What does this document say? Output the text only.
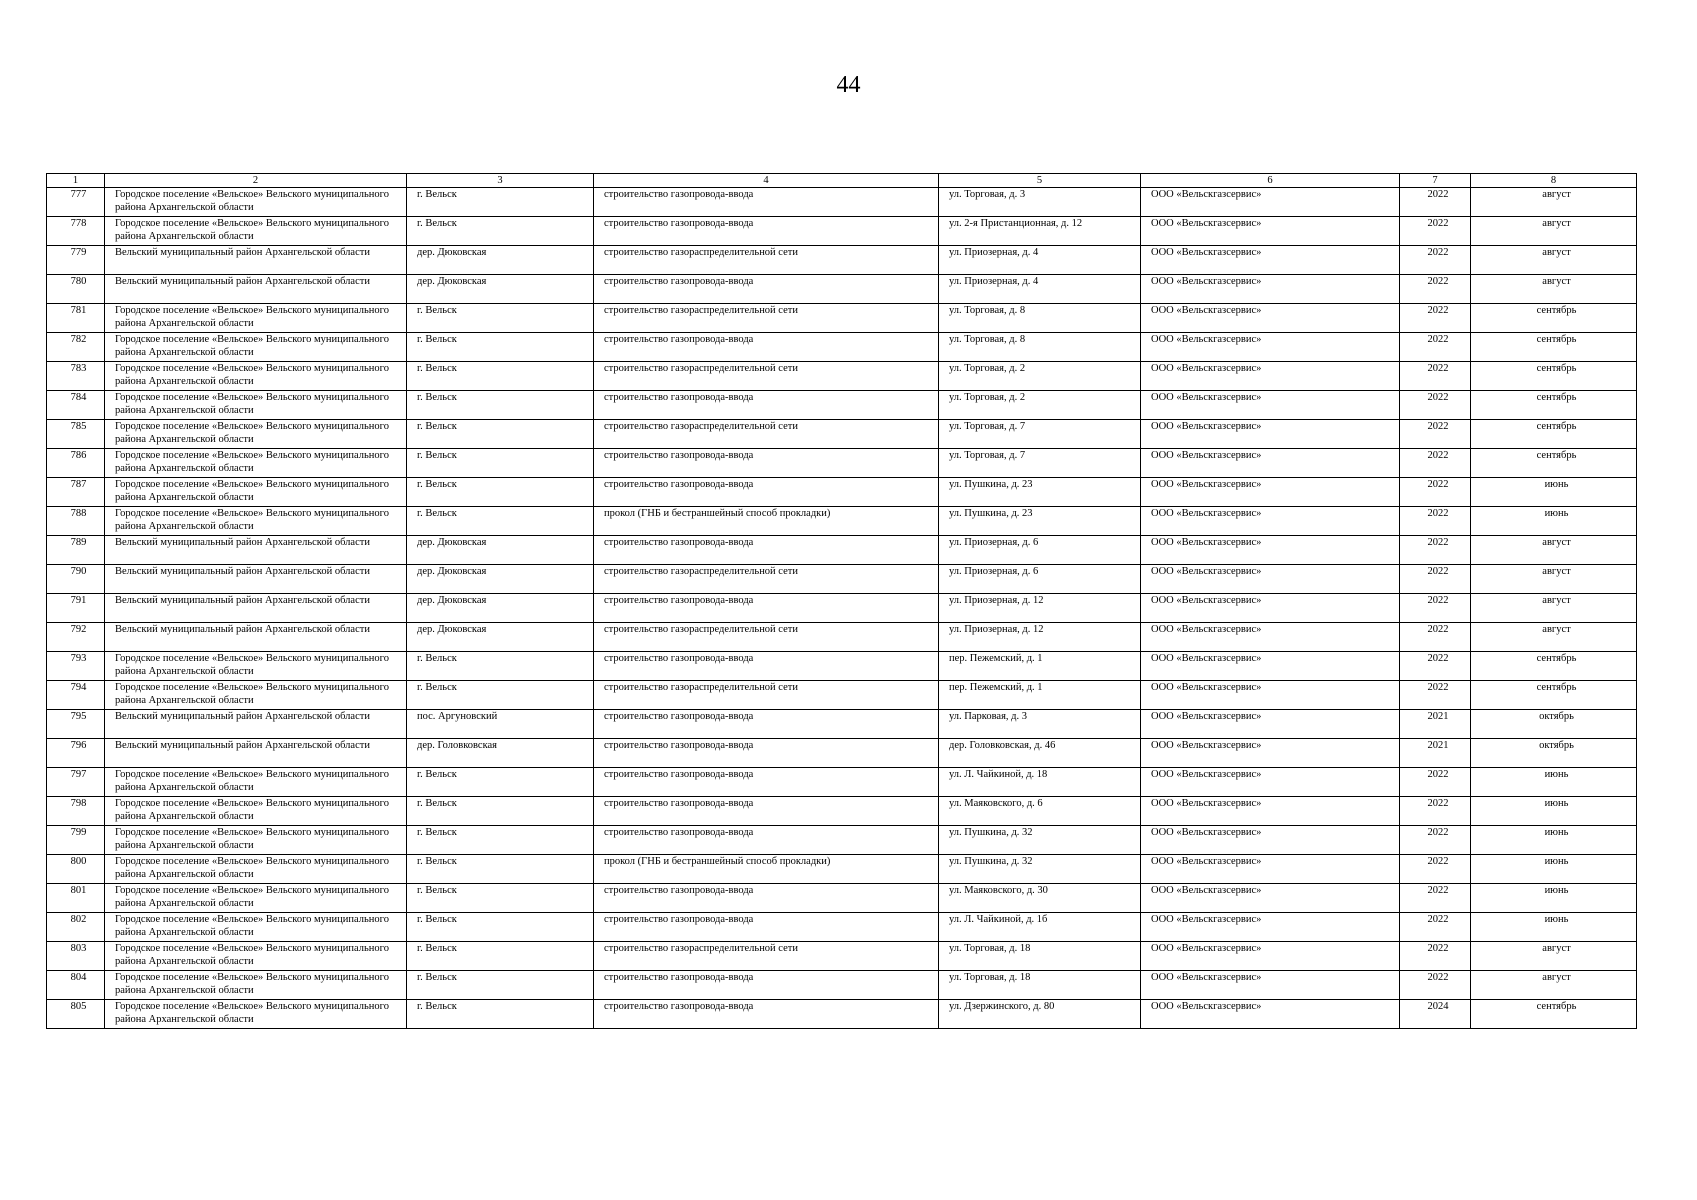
44
1	2	3	4	5	6	7	8
777	Городское поселение «Вельское» Вельского муниципального района Архангельской области	г. Вельск	строительство газопровода-ввода	ул. Торговая, д. 3	ООО «Вельскгазсервис»	2022	август
778	Городское поселение «Вельское» Вельского муниципального района Архангельской области	г. Вельск	строительство газопровода-ввода	ул. 2-я Пристанционная, д. 12	ООО «Вельскгазсервис»	2022	август
779	Вельский муниципальный район Архангельской области	дер. Дюковская	строительство газораспределительной сети	ул. Приозерная, д. 4	ООО «Вельскгазсервис»	2022	август
780	Вельский муниципальный район Архангельской области	дер. Дюковская	строительство газопровода-ввода	ул. Приозерная, д. 4	ООО «Вельскгазсервис»	2022	август
781	Городское поселение «Вельское» Вельского муниципального района Архангельской области	г. Вельск	строительство газораспределительной сети	ул. Торговая, д. 8	ООО «Вельскгазсервис»	2022	сентябрь
782	Городское поселение «Вельское» Вельского муниципального района Архангельской области	г. Вельск	строительство газопровода-ввода	ул. Торговая, д. 8	ООО «Вельскгазсервис»	2022	сентябрь
783	Городское поселение «Вельское» Вельского муниципального района Архангельской области	г. Вельск	строительство газораспределительной сети	ул. Торговая, д. 2	ООО «Вельскгазсервис»	2022	сентябрь
784	Городское поселение «Вельское» Вельского муниципального района Архангельской области	г. Вельск	строительство газопровода-ввода	ул. Торговая, д. 2	ООО «Вельскгазсервис»	2022	сентябрь
785	Городское поселение «Вельское» Вельского муниципального района Архангельской области	г. Вельск	строительство газораспределительной сети	ул. Торговая, д. 7	ООО «Вельскгазсервис»	2022	сентябрь
786	Городское поселение «Вельское» Вельского муниципального района Архангельской области	г. Вельск	строительство газопровода-ввода	ул. Торговая, д. 7	ООО «Вельскгазсервис»	2022	сентябрь
787	Городское поселение «Вельское» Вельского муниципального района Архангельской области	г. Вельск	строительство газопровода-ввода	ул. Пушкина, д. 23	ООО «Вельскгазсервис»	2022	июнь
788	Городское поселение «Вельское» Вельского муниципального района Архангельской области	г. Вельск	прокол (ГНБ и бестраншейный способ прокладки)	ул. Пушкина, д. 23	ООО «Вельскгазсервис»	2022	июнь
789	Вельский муниципальный район Архангельской области	дер. Дюковская	строительство газопровода-ввода	ул. Приозерная, д. 6	ООО «Вельскгазсервис»	2022	август
790	Вельский муниципальный район Архангельской области	дер. Дюковская	строительство газораспределительной сети	ул. Приозерная, д. 6	ООО «Вельскгазсервис»	2022	август
791	Вельский муниципальный район Архангельской области	дер. Дюковская	строительство газопровода-ввода	ул. Приозерная, д. 12	ООО «Вельскгазсервис»	2022	август
792	Вельский муниципальный район Архангельской области	дер. Дюковская	строительство газораспределительной сети	ул. Приозерная, д. 12	ООО «Вельскгазсервис»	2022	август
793	Городское поселение «Вельское» Вельского муниципального района Архангельской области	г. Вельск	строительство газопровода-ввода	пер. Пежемский, д. 1	ООО «Вельскгазсервис»	2022	сентябрь
794	Городское поселение «Вельское» Вельского муниципального района Архангельской области	г. Вельск	строительство газораспределительной сети	пер. Пежемский, д. 1	ООО «Вельскгазсервис»	2022	сентябрь
795	Вельский муниципальный район Архангельской области	пос. Аргуновский	строительство газопровода-ввода	ул. Парковая, д. 3	ООО «Вельскгазсервис»	2021	октябрь
796	Вельский муниципальный район Архангельской области	дер. Головковская	строительство газопровода-ввода	дер. Головковская, д. 46	ООО «Вельскгазсервис»	2021	октябрь
797	Городское поселение «Вельское» Вельского муниципального района Архангельской области	г. Вельск	строительство газопровода-ввода	ул. Л. Чайкиной, д. 18	ООО «Вельскгазсервис»	2022	июнь
798	Городское поселение «Вельское» Вельского муниципального района Архангельской области	г. Вельск	строительство газопровода-ввода	ул. Маяковского, д. 6	ООО «Вельскгазсервис»	2022	июнь
799	Городское поселение «Вельское» Вельского муниципального района Архангельской области	г. Вельск	строительство газопровода-ввода	ул. Пушкина, д. 32	ООО «Вельскгазсервис»	2022	июнь
800	Городское поселение «Вельское» Вельского муниципального района Архангельской области	г. Вельск	прокол (ГНБ и бестраншейный способ прокладки)	ул. Пушкина, д. 32	ООО «Вельскгазсервис»	2022	июнь
801	Городское поселение «Вельское» Вельского муниципального района Архангельской области	г. Вельск	строительство газопровода-ввода	ул. Маяковского, д. 30	ООО «Вельскгазсервис»	2022	июнь
802	Городское поселение «Вельское» Вельского муниципального района Архангельской области	г. Вельск	строительство газопровода-ввода	ул. Л. Чайкиной, д. 1б	ООО «Вельскгазсервис»	2022	июнь
803	Городское поселение «Вельское» Вельского муниципального района Архангельской области	г. Вельск	строительство газораспределительной сети	ул. Торговая, д. 18	ООО «Вельскгазсервис»	2022	август
804	Городское поселение «Вельское» Вельского муниципального района Архангельской области	г. Вельск	строительство газопровода-ввода	ул. Торговая, д. 18	ООО «Вельскгазсервис»	2022	август
805	Городское поселение «Вельское» Вельского муниципального района Архангельской области	г. Вельск	строительство газопровода-ввода	ул. Дзержинского, д. 80	ООО «Вельскгазсервис»	2024	сентябрь
